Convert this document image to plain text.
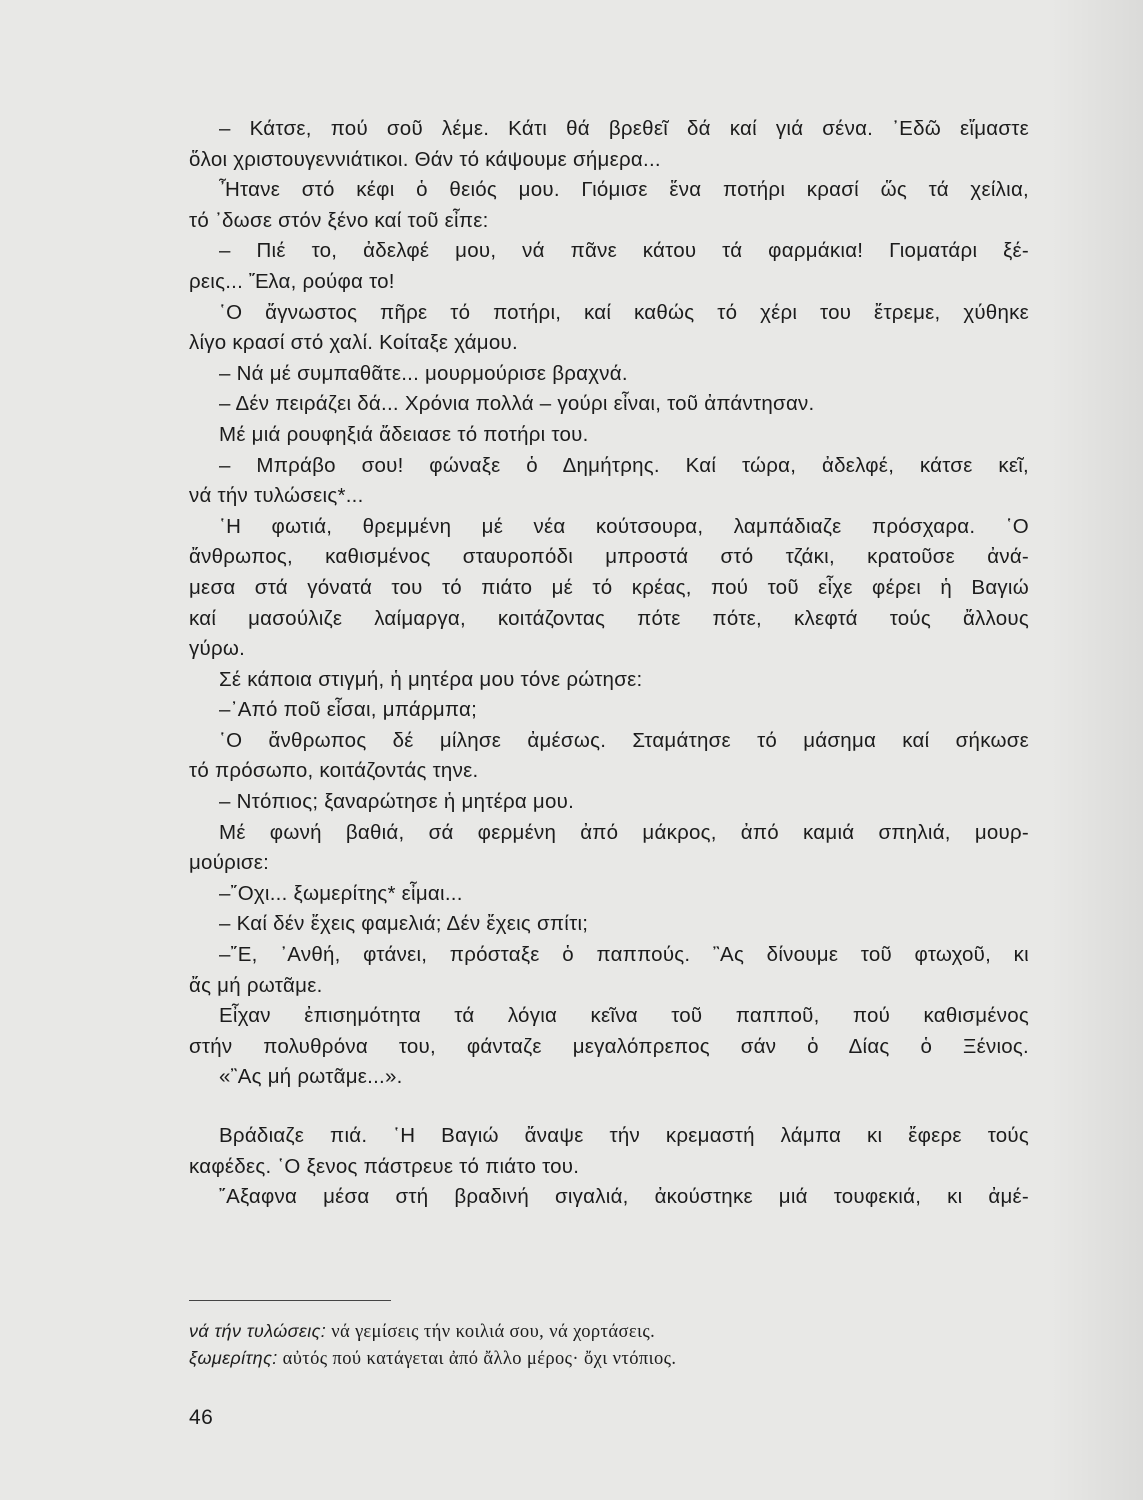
– Κάτσε, πού σοῦ λέμε. Κάτι θά βρεθεῖ δά καί γιά σένα. ᾿Εδῶ εἴμαστε
ὅλοι χριστουγεννιάτικοι. Θάν τό κάψουμε σήμερα...
Ἦτανε στό κέφι ὁ θειός μου. Γιόμισε ἕνα ποτήρι κρασί ὥς τά χείλια,
τό ᾿δωσε στόν ξένο καί τοῦ εἶπε:
– Πιέ το, ἀδελφέ μου, νά πᾶνε κάτου τά φαρμάκια! Γιοματάρι ξέ-
ρεις... Ἔλα, ρούφα το!
῾Ο ἄγνωστος πῆρε τό ποτήρι, καί καθώς τό χέρι του ἔτρεμε, χύθηκε
λίγο κρασί στό χαλί. Κοίταξε χάμου.
– Νά μέ συμπαθᾶτε... μουρμούρισε βραχνά.
– Δέν πειράζει δά... Χρόνια πολλά – γούρι εἶναι, τοῦ ἀπάντησαν.
Μέ μιά ρουφηξιά ἄδειασε τό ποτήρι του.
– Μπράβο σου! φώναξε ὁ Δημήτρης. Καί τώρα, ἀδελφέ, κάτσε κεῖ,
νά τήν τυλώσεις*...
῾Η φωτιά, θρεμμένη μέ νέα κούτσουρα, λαμπάδιαζε πρόσχαρα. ῾Ο
ἄνθρωπος, καθισμένος σταυροπόδι μπροστά στό τζάκι, κρατοῦσε ἀνά-
μεσα στά γόνατά του τό πιάτο μέ τό κρέας, πού τοῦ εἶχε φέρει ἡ Βαγιώ
καί μασούλιζε λαίμαργα, κοιτάζοντας πότε πότε, κλεφτά τούς ἄλλους
γύρω.
Σέ κάποια στιγμή, ἡ μητέρα μου τόνε ρώτησε:
–᾿Από ποῦ εἶσαι, μπάρμπα;
῾Ο ἄνθρωπος δέ μίλησε ἀμέσως. Σταμάτησε τό μάσημα καί σήκωσε
τό πρόσωπο, κοιτάζοντάς τηνε.
– Ντόπιος; ξαναρώτησε ἡ μητέρα μου.
Μέ φωνή βαθιά, σά φερμένη ἀπό μάκρος, ἀπό καμιά σπηλιά, μουρ-
μούρισε:
–῎Οχι... ξωμερίτης* εἶμαι...
– Καί δέν ἔχεις φαμελιά; Δέν ἔχεις σπίτι;
–῎Ε, ᾿Ανθή, φτάνει, πρόσταξε ὁ παππούς. ῍Ας δίνουμε τοῦ φτωχοῦ, κι
ἄς μή ρωτᾶμε.
Εἶχαν ἐπισημότητα τά λόγια κεῖνα τοῦ παπποῦ, πού καθισμένος
στήν πολυθρόνα του, φάνταζε μεγαλόπρεπος σάν ὁ Δίας ὁ Ξένιος.
«῍Ας μή ρωτᾶμε...».
Βράδιαζε πιά. ῾Η Βαγιώ ἄναψε τήν κρεμαστή λάμπα κι ἔφερε τούς
καφέδες. ῾Ο ξενος πάστρευε τό πιάτο του.
῎Αξαφνα μέσα στή βραδινή σιγαλιά, ἀκούστηκε μιά τουφεκιά, κι ἀμέ-
νά τήν τυλώσεις: νά γεμίσεις τήν κοιλιά σου, νά χορτάσεις.
ξωμερίτης: αὐτός πού κατάγεται ἀπό ἄλλο μέρος· ὄχι ντόπιος.
46
